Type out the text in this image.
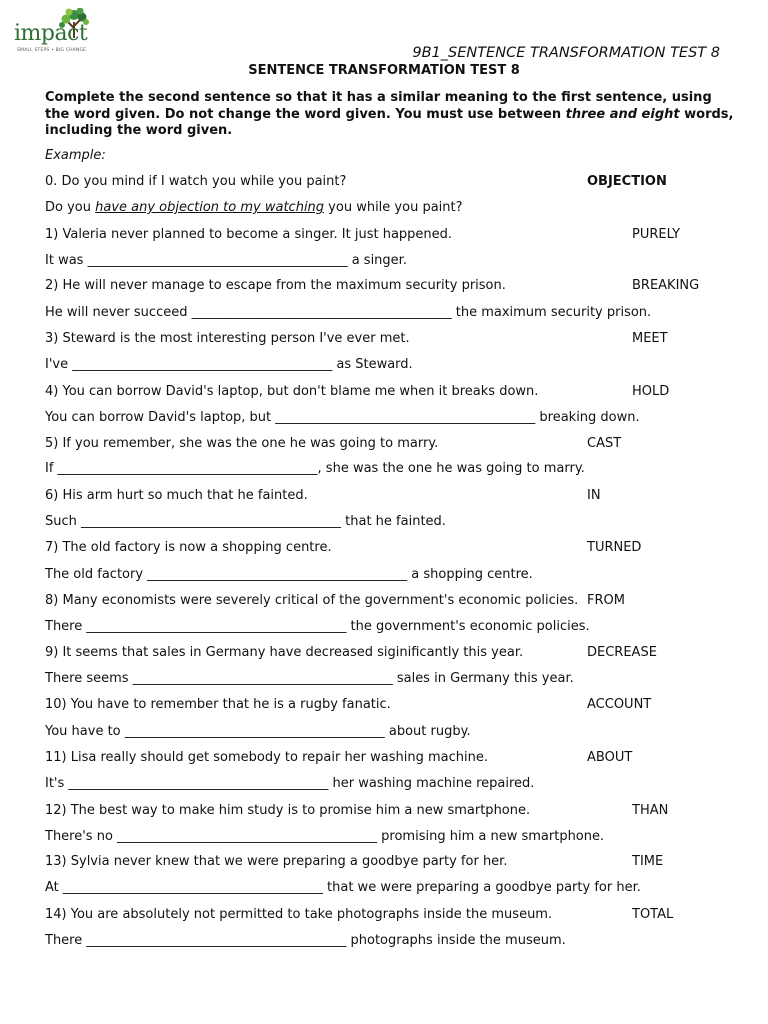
impact
SMALL STEPS • BIG CHANGE	9B1_SENTENCE TRANSFORMATION TEST 8
SENTENCE TRANSFORMATION TEST 8
Complete the second sentence so that it has a similar meaning to the first sentence, using the word given. Do not change the word given. You must use between three and eight words, including the word given.
Example:
0. Do you mind if I watch you while you paint?	OBJECTION
Do you have any objection to my watching you while you paint?
1) Valeria never planned to become a singer. It just happened.	PURELY
It was ________________________________________ a singer.
2) He will never manage to escape from the maximum security prison.	BREAKING
He will never succeed ________________________________________ the maximum security prison.
3) Steward is the most interesting person I've ever met.	MEET
I've ________________________________________ as Steward.
4) You can borrow David's laptop, but don't blame me when it breaks down.	HOLD
You can borrow David's laptop, but ________________________________________ breaking down.
5) If you remember, she was the one he was going to marry.	CAST
If ________________________________________, she was the one he was going to marry.
6) His arm hurt so much that he fainted.	IN
Such ________________________________________ that he fainted.
7) The old factory is now a shopping centre.	TURNED
The old factory ________________________________________ a shopping centre.
8) Many economists were severely critical of the government's economic policies. FROM
There ________________________________________ the government's economic policies.
9) It seems that sales in Germany have decreased siginificantly this year.	DECREASE
There seems ________________________________________ sales in Germany this year.
10) You have to remember that he is a rugby fanatic.	ACCOUNT
You have to ________________________________________ about rugby.
11) Lisa really should get somebody to repair her washing machine.	ABOUT
It's ________________________________________ her washing machine repaired.
12) The best way to make him study is to promise him a new smartphone.	THAN
There's no ________________________________________ promising him a new smartphone.
13) Sylvia never knew that we were preparing a goodbye party for her.	TIME
At ________________________________________ that we were preparing a goodbye party for her.
14) You are absolutely not permitted to take photographs inside the museum.	TOTAL
There ________________________________________ photographs inside the museum.
